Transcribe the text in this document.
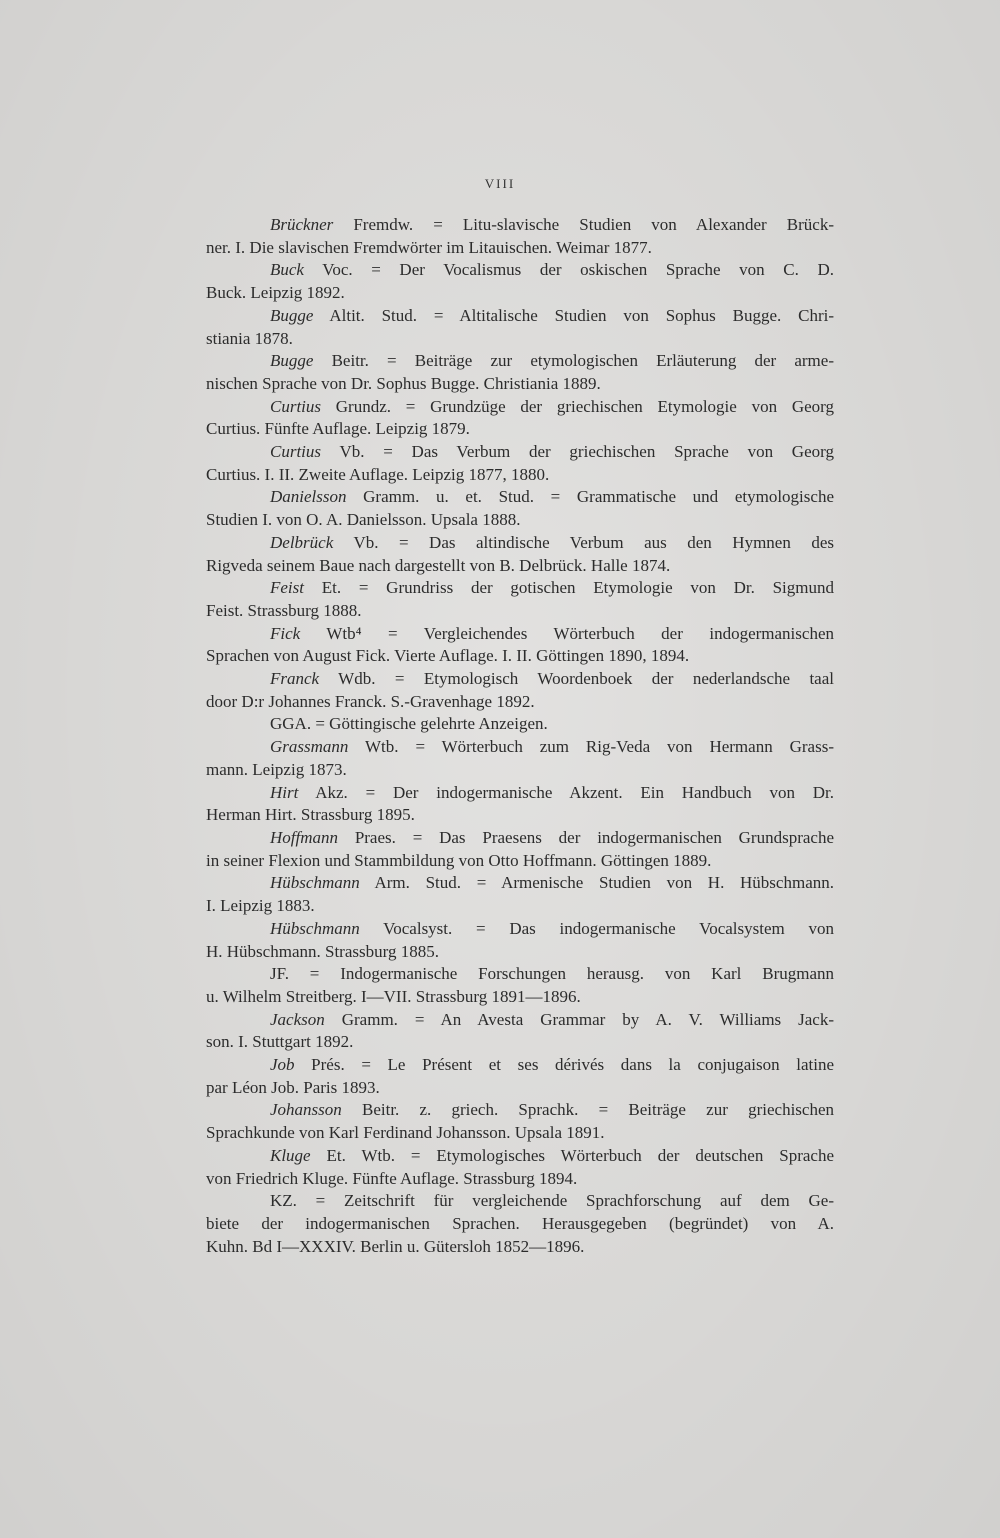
VIII
Brückner Fremdw. = Litu-slavische Studien von Alexander Brück-
ner. I. Die slavischen Fremdwörter im Litauischen. Weimar 1877.
Buck Voc. = Der Vocalismus der oskischen Sprache von C. D.
Buck. Leipzig 1892.
Bugge Altit. Stud. = Altitalische Studien von Sophus Bugge. Chri-
stiania 1878.
Bugge Beitr. = Beiträge zur etymologischen Erläuterung der arme-
nischen Sprache von Dr. Sophus Bugge. Christiania 1889.
Curtius Grundz. = Grundzüge der griechischen Etymologie von Georg
Curtius. Fünfte Auflage. Leipzig 1879.
Curtius Vb. = Das Verbum der griechischen Sprache von Georg
Curtius. I. II. Zweite Auflage. Leipzig 1877, 1880.
Danielsson Gramm. u. et. Stud. = Grammatische und etymologische
Studien I. von O. A. Danielsson. Upsala 1888.
Delbrück Vb. = Das altindische Verbum aus den Hymnen des
Rigveda seinem Baue nach dargestellt von B. Delbrück. Halle 1874.
Feist Et. = Grundriss der gotischen Etymologie von Dr. Sigmund
Feist. Strassburg 1888.
Fick Wtb⁴ = Vergleichendes Wörterbuch der indogermanischen
Sprachen von August Fick. Vierte Auflage. I. II. Göttingen 1890, 1894.
Franck Wdb. = Etymologisch Woordenboek der nederlandsche taal
door D:r Johannes Franck. S.-Gravenhage 1892.
GGA. = Göttingische gelehrte Anzeigen.
Grassmann Wtb. = Wörterbuch zum Rig-Veda von Hermann Grass-
mann. Leipzig 1873.
Hirt Akz. = Der indogermanische Akzent. Ein Handbuch von Dr.
Herman Hirt. Strassburg 1895.
Hoffmann Praes. = Das Praesens der indogermanischen Grundsprache
in seiner Flexion und Stammbildung von Otto Hoffmann. Göttingen 1889.
Hübschmann Arm. Stud. = Armenische Studien von H. Hübschmann.
I. Leipzig 1883.
Hübschmann Vocalsyst. = Das indogermanische Vocalsystem von
H. Hübschmann. Strassburg 1885.
JF. = Indogermanische Forschungen herausg. von Karl Brugmann
u. Wilhelm Streitberg. I—VII. Strassburg 1891—1896.
Jackson Gramm. = An Avesta Grammar by A. V. Williams Jack-
son. I. Stuttgart 1892.
Job Prés. = Le Présent et ses dérivés dans la conjugaison latine
par Léon Job. Paris 1893.
Johansson Beitr. z. griech. Sprachk. = Beiträge zur griechischen
Sprachkunde von Karl Ferdinand Johansson. Upsala 1891.
Kluge Et. Wtb. = Etymologisches Wörterbuch der deutschen Sprache
von Friedrich Kluge. Fünfte Auflage. Strassburg 1894.
KZ. = Zeitschrift für vergleichende Sprachforschung auf dem Ge-
biete der indogermanischen Sprachen. Herausgegeben (begründet) von A.
Kuhn. Bd I—XXXIV. Berlin u. Gütersloh 1852—1896.
